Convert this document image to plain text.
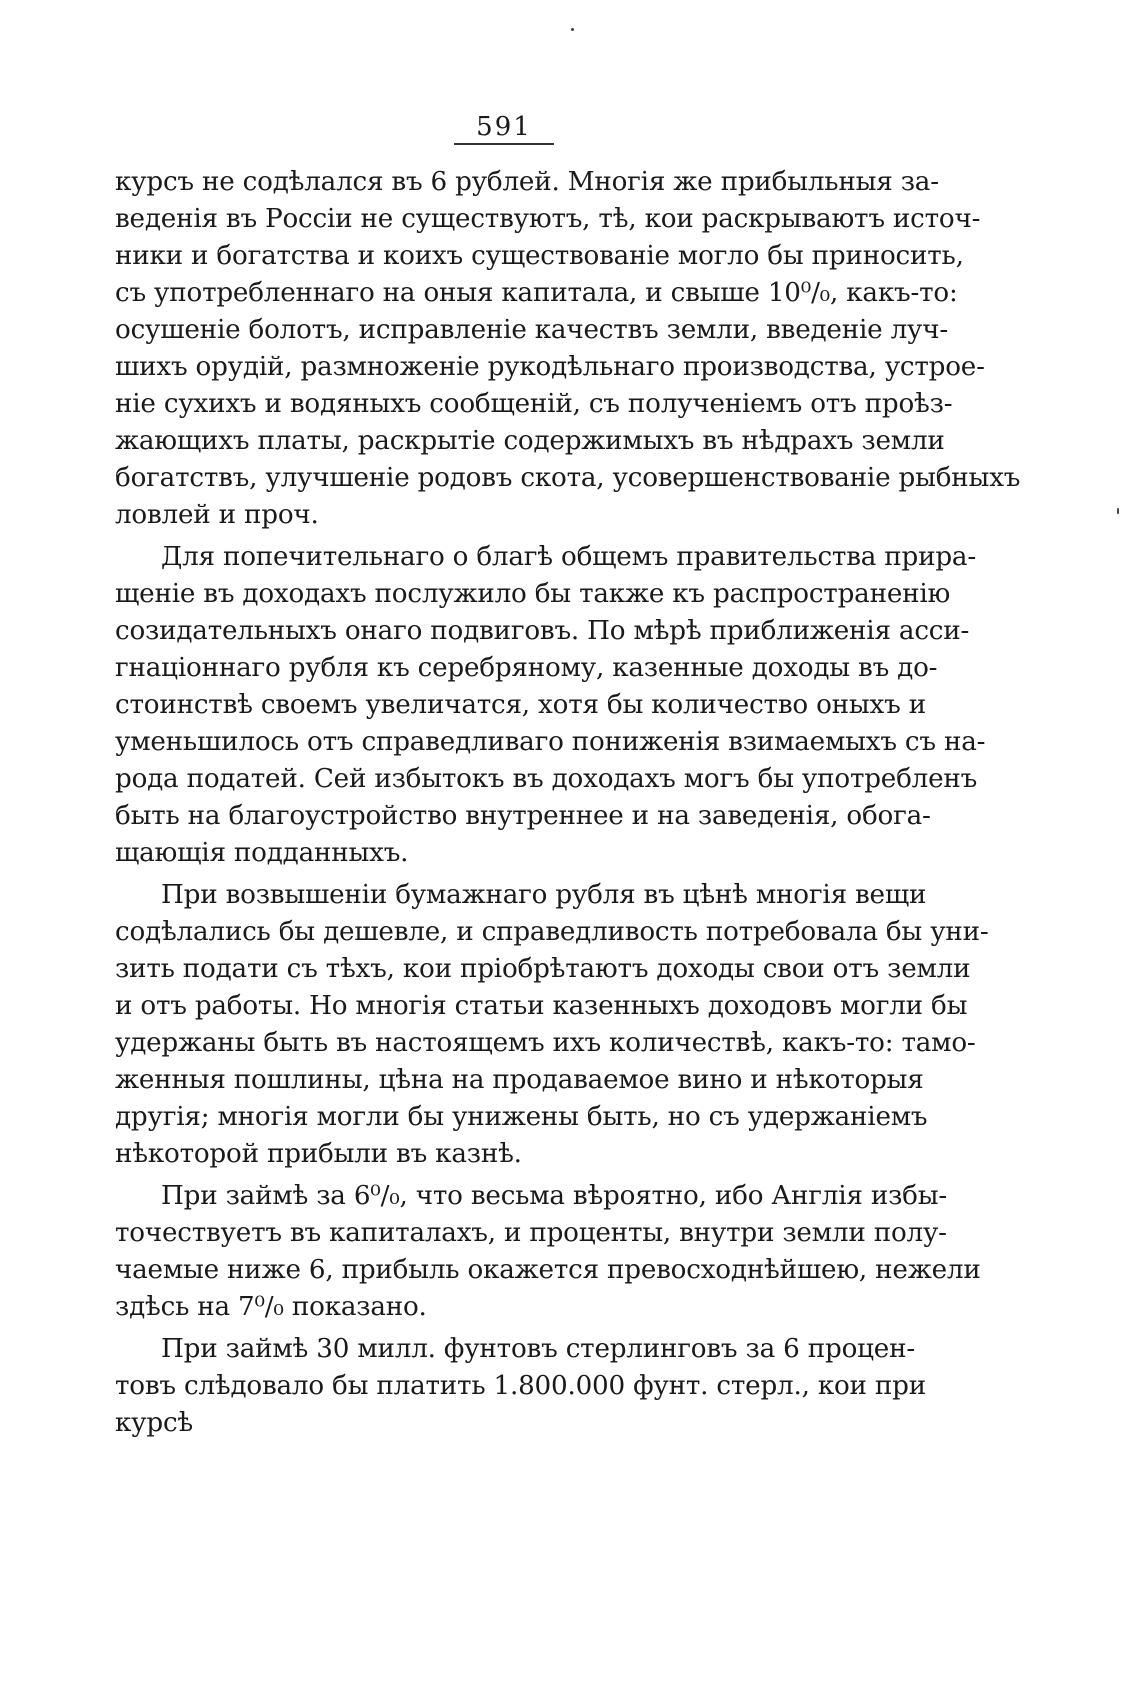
591
курсъ не содѣлался въ 6 рублей. Многія же прибыльныя за-
веденія въ Россіи не существуютъ, тѣ, кои раскрываютъ источ-
ники и богатства и коихъ существованіе могло бы приносить,
съ употребленнаго на оныя капитала, и свыше 10⁰/₀, какъ-то:
осушеніе болотъ, исправленіе качествъ земли, введеніе луч-
шихъ орудій, размноженіе рукодѣльнаго производства, устрое-
ніе сухихъ и водяныхъ сообщеній, съ полученіемъ отъ проѣз-
жающихъ платы, раскрытіе содержимыхъ въ нѣдрахъ земли
богатствъ, улучшеніе родовъ скота, усовершенствованіе рыбныхъ
ловлей и проч.
Для попечительнаго о благѣ общемъ правительства прира-
щеніе въ доходахъ послужило бы также къ распространенію
созидательныхъ онаго подвиговъ. По мѣрѣ приближенія асси-
гнаціоннаго рубля къ серебряному, казенные доходы въ до-
стоинствѣ своемъ увеличатся, хотя бы количество оныхъ и
уменьшилось отъ справедливаго пониженія взимаемыхъ съ на-
рода податей. Сей избытокъ въ доходахъ могъ бы употребленъ
быть на благоустройство внутреннее и на заведенія, обога-
щающія подданныхъ.
При возвышеніи бумажнаго рубля въ цѣнѣ многія вещи
содѣлались бы дешевле, и справедливость потребовала бы уни-
зить подати съ тѣхъ, кои пріобрѣтаютъ доходы свои отъ земли
и отъ работы. Но многія статьи казенныхъ доходовъ могли бы
удержаны быть въ настоящемъ ихъ количествѣ, какъ-то: тамо-
женныя пошлины, цѣна на продаваемое вино и нѣкоторыя
другія; многія могли бы унижены быть, но съ удержаніемъ
нѣкоторой прибыли въ казнѣ.
При займѣ за 6⁰/₀, что весьма вѣроятно, ибо Англія избы-
точествуетъ въ капиталахъ, и проценты, внутри земли полу-
чаемые ниже 6, прибыль окажется превосходнѣйшею, нежели
здѣсь на 7⁰/₀ показано.
При займѣ 30 милл. фунтовъ стерлинговъ за 6 процен-
товъ слѣдовало бы платить 1.800.000 фунт. стерл., кои при
курсѣ
